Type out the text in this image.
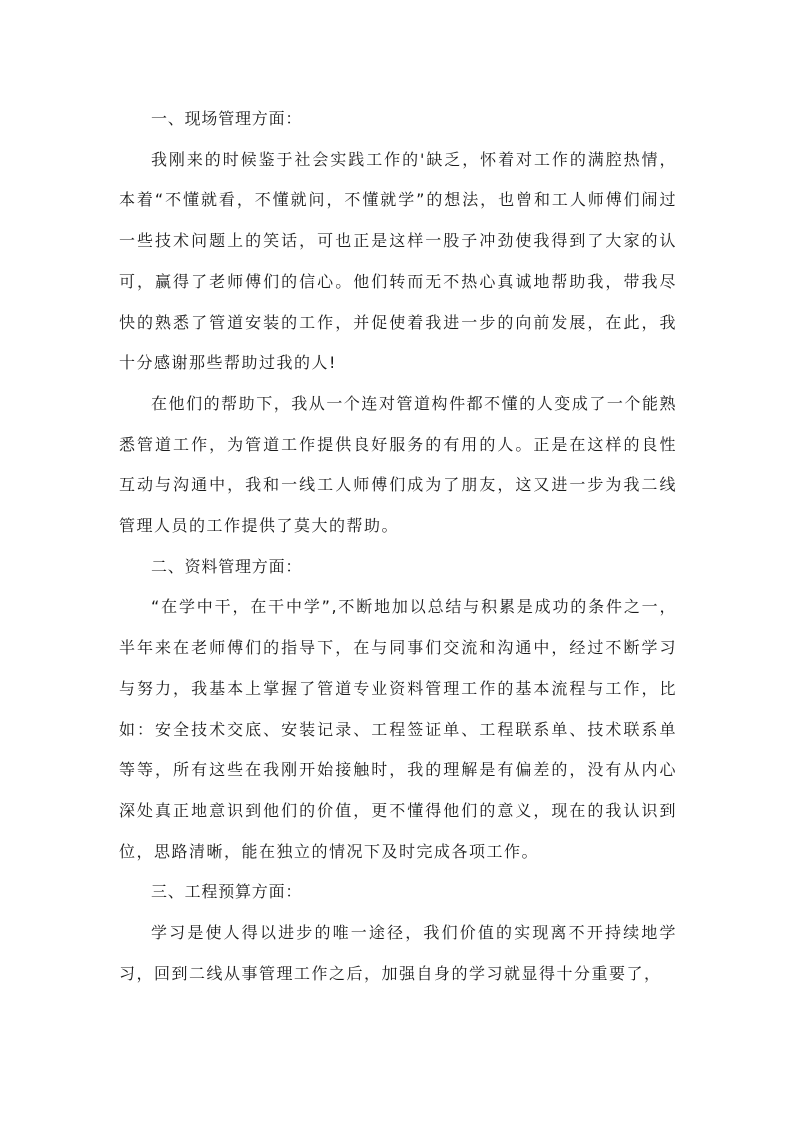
一、现场管理方面：

我刚来的时候鉴于社会实践工作的'缺乏，怀着对工作的满腔热情，本着“不懂就看，不懂就问，不懂就学”的想法，也曾和工人师傅们闹过一些技术问题上的笑话，可也正是这样一股子冲劲使我得到了大家的认可，赢得了老师傅们的信心。他们转而无不热心真诚地帮助我，带我尽快的熟悉了管道安装的工作，并促使着我进一步的向前发展，在此，我十分感谢那些帮助过我的人!

在他们的帮助下，我从一个连对管道构件都不懂的人变成了一个能熟悉管道工作，为管道工作提供良好服务的有用的人。正是在这样的良性互动与沟通中，我和一线工人师傅们成为了朋友，这又进一步为我二线管理人员的工作提供了莫大的帮助。

二、资料管理方面：

“在学中干，在干中学”,不断地加以总结与积累是成功的条件之一，半年来在老师傅们的指导下，在与同事们交流和沟通中，经过不断学习与努力，我基本上掌握了管道专业资料管理工作的基本流程与工作，比如：安全技术交底、安装记录、工程签证单、工程联系单、技术联系单等等，所有这些在我刚开始接触时，我的理解是有偏差的，没有从内心深处真正地意识到他们的价值，更不懂得他们的意义，现在的我认识到位，思路清晰，能在独立的情况下及时完成各项工作。

三、工程预算方面：

学习是使人得以进步的唯一途径，我们价值的实现离不开持续地学习，回到二线从事管理工作之后，加强自身的学习就显得十分重要了，
